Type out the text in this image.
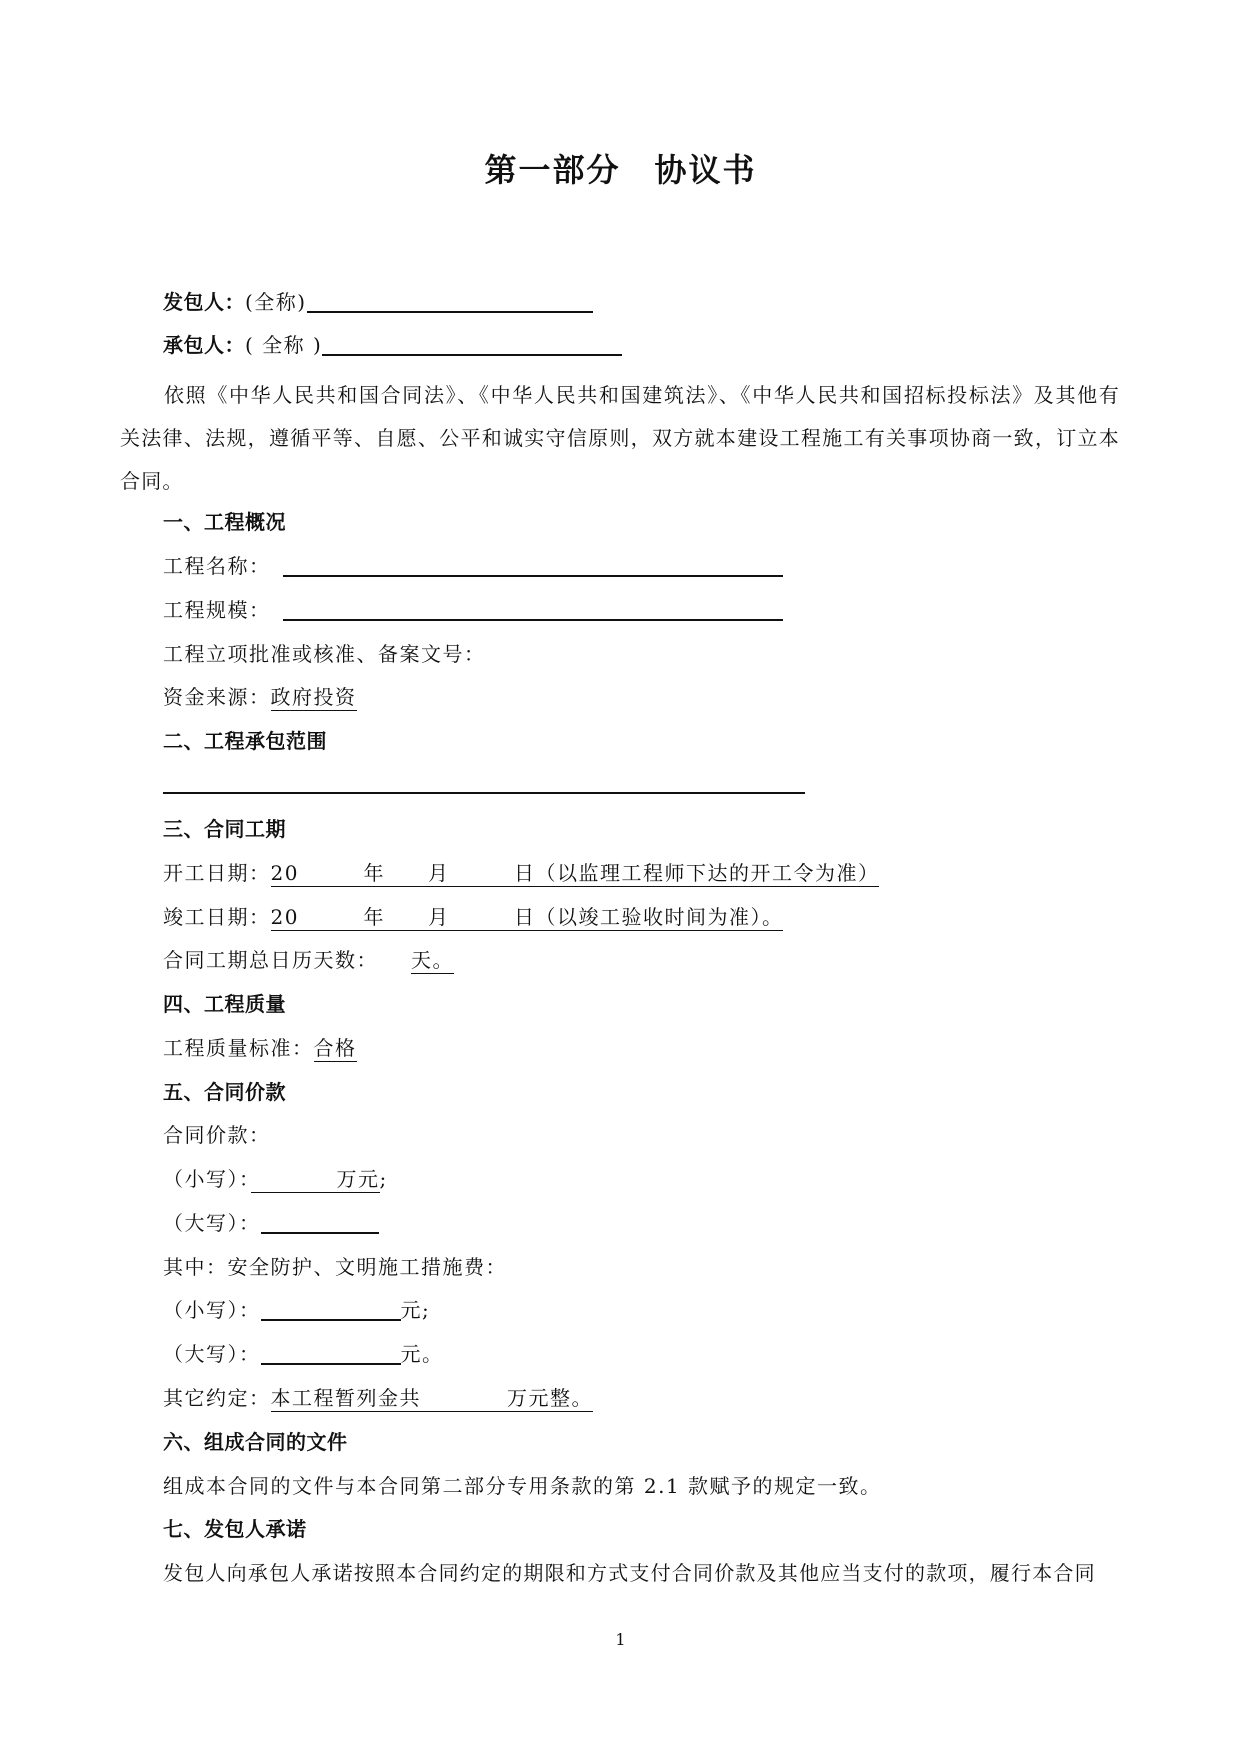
第一部分　协议书
发包人：(全称)
承包人：( 全称 )
依照《中华人民共和国合同法》、《中华人民共和国建筑法》、《中华人民共和国招标投标法》及其他有关法律、法规，遵循平等、自愿、公平和诚实守信原则，双方就本建设工程施工有关事项协商一致，订立本合同。
一、工程概况
工程名称：
工程规模：
工程立项批准或核准、备案文号：
资金来源：政府投资
二、工程承包范围
三、合同工期
开工日期：20　　　年　　月　　　日（以监理工程师下达的开工令为准）
竣工日期：20　　　年　　月　　　日（以竣工验收时间为准）。
合同工期总日历天数：　　 天。
四、工程质量
工程质量标准：合格
五、合同价款
合同价款：
（小写）：　　　　	万元;
（大写）：
其中：安全防护、文明施工措施费：
（小写）：	元;
（大写）：	元。
其它约定：本工程暂列金共　　　　	万元整。
六、组成合同的文件
组成本合同的文件与本合同第二部分专用条款的第 2.1 款赋予的规定一致。
七、发包人承诺
发包人向承包人承诺按照本合同约定的期限和方式支付合同价款及其他应当支付的款项，履行本合同
1
